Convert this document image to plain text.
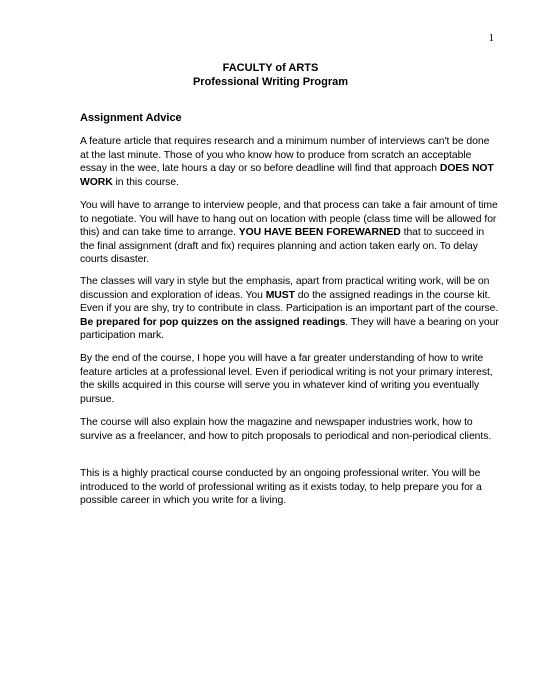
1
FACULTY of ARTS
Professional Writing Program
Assignment Advice

A feature article that requires research and a minimum number of interviews can't be done at the last minute. Those of you who know how to produce from scratch an acceptable essay in the wee, late hours a day or so before deadline will find that approach DOES NOT WORK in this course.

You will have to arrange to interview people, and that process can take a fair amount of time to negotiate. You will have to hang out on location with people (class time will be allowed for this) and can take time to arrange. YOU HAVE BEEN FOREWARNED that to succeed in the final assignment (draft and fix) requires planning and action taken early on. To delay courts disaster.

The classes will vary in style but the emphasis, apart from practical writing work, will be on discussion and exploration of ideas. You MUST do the assigned readings in the course kit. Even if you are shy, try to contribute in class. Participation is an important part of the course. Be prepared for pop quizzes on the assigned readings. They will have a bearing on your participation mark.

By the end of the course, I hope you will have a far greater understanding of how to write feature articles at a professional level. Even if periodical writing is not your primary interest, the skills acquired in this course will serve you in whatever kind of writing you eventually pursue.

The course will also explain how the magazine and newspaper industries work, how to survive as a freelancer, and how to pitch proposals to periodical and non-periodical clients.

This is a highly practical course conducted by an ongoing professional writer. You will be introduced to the world of professional writing as it exists today, to help prepare you for a possible career in which you write for a living.
